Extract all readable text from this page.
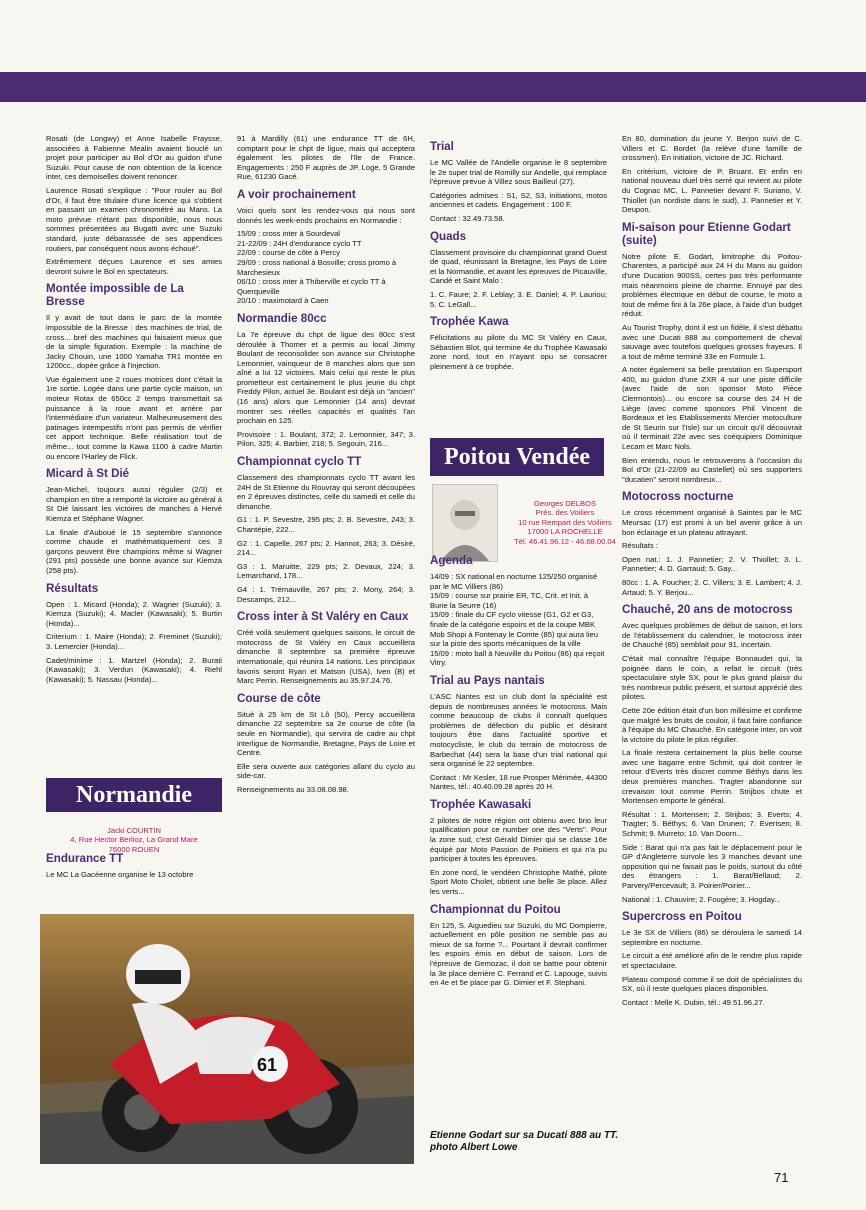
Rosati (de Longwy) et Anne Isabelle Fraysse, associées à Fabienne Mealin avaient bouclé un projet pour participer au Bol d'Or au guidon d'une Suzuki. Pour cause de non obtention de la licence inter, ces demoiselles doivent renoncer.

Laurence Rosati s'explique : "Pour rouler au Bol d'Or, il faut être titulaire d'une licence qui s'obtient en passant un examen chronométré au Mans. La moto prévue n'étant pas disponible, nous nous sommes présentées au Bugatti avec une Suzuki standard, juste débarassée de ses appendices routiers, par conséquent nous avons échoué".

Extrêmement déçues Laurence et ses amies devront suivre le Bol en spectateurs.

Montée impossible de La Bresse

Il y avait de tout dans le parc de la montée impossible de la Bresse : des machines de trial, de cross... bref des machines qui faisaient mieux que de la simple figuration. Exemple : la machine de Jacky Chouin, une 1000 Yamaha TR1 montée en 1200cc., dopée grâce à l'injection.

Vue également une 2 roues motrices dont c'était la 1re sortie. Logée dans une partie cycle maison, un moteur Rotax de 650cc 2 temps transmettait sa puissance à la roue avant et arrière par l'intermédiaire d'un variateur. Malheureusement des patinages intempestifs n'ont pas permis de vérifier cet apport technique. Belle réalisation tout de même... tout comme la Kawa 1100 à cadre Martin ou encore l'Harley de Flick.

Micard à St Dié

Jean-Michel, toujours aussi régulier (2/3) et champion en titre a remporté la victoire au général à St Dié laissant les victoires de manches à Hervé Kiemza et Stéphane Wagner.

La finale d'Auboué le 15 septembre s'annonce comme chaude et mathématiquement ces 3 garçons peuvent être champions même si Wagner (291 pts) possède une bonne avance sur Kiemza (258 pts).

Résultats

Open : 1. Micard (Honda); 2. Wagner (Suzuki); 3. Kiemza (Suzuki); 4. Macler (Kawasaki); 5. Burtin (Honda)...

Criterium : 1. Maire (Honda); 2. Freminet (Suzuki); 3. Lemercier (Honda)...

Cadet/minime : 1. Martzel (Honda); 2. Burati (Kawasaki); 3. Verdun (Kawasaki); 4. Riehl (Kawasaki); 5. Nassau (Honda)...

Normandie
Jacki COURTIN
4, Rue Hector Berlioz, La Grand Mare
76000 ROUEN
Endurance TT

Le MC La Gacéenne organise le 13 octobre

91 à Mardilly (61) une endurance TT de 6H, comptant pour le chpt de ligue, mais qui acceptera également les pilotes de l'Ile de France. Engagements : 250 F auprès de JP. Loge, 5 Grande Rue, 61230 Gacé.

A voir prochainement

Voici quels sont les rendez-vous qui nous sont donnés les week-ends prochains en Normandie :

15/09 : cross inter à Sourdeval
21-22/09 : 24H d'endurance cyclo TT
22/09 : course de côte à Percy
29/09 : cross national à Bosville; cross promo à Marchesieux
06/10 : cross inter à Thiberville et cyclo TT à Querqueville
20/10 : maximotard à Caen
Normandie 80cc

La 7e épreuve du chpt de ligue des 80cc s'est déroulée à Thomer et a permis au local Jimmy Boulant de reconsolider son avance sur Christophe Lemonnier, vainqueur de 8 manches alors que son aîné a lui 12 victoires. Mais celui qui reste le plus prometteur est certainement le plus jeune du chpt Freddy Pilon, actuel 3e. Boulant est déjà un "ancien" (16 ans) alors que Lemonnier (14 ans) devrait montrer ses réelles capacités et qualités l'an prochain en 125.

Provisoire : 1. Boulant, 372; 2. Lemonnier, 347; 3. Pilon, 325; 4. Barbier, 218; 5. Segouin, 216...

Championnat cyclo TT

Classement des championnats cyclo TT avant les 24H de St Etienne du Rouvray qui seront découpées en 2 épreuves distinctes, celle du samedi et celle du dimanche.

G1 : 1. P. Sevestre, 295 pts; 2. B. Sevestre, 243; 3. Chantépie, 222...

G2 : 1. Capelle, 267 pts; 2. Hannot, 263; 3. Désiré, 214...

G3 : 1. Maruitte, 229 pts; 2. Devaux, 224; 3. Lemarchand, 178...

G4 : 1. Trémauville, 267 pts; 2. Mony, 264; 3. Descamps, 212...

Cross inter à St Valéry en Caux

Créé voilà seulement quelques saisons, le circuit de motocross de St Valéry en Caux accueillera dimanche 8 septembre sa première épreuve internationale, qui réunira 14 nations. Les principaux favoris seront Ryan et Matson (USA), Iven (B) et Marc Perrin. Renseignements au 35.97.24.76.

Course de côte

Situé à 25 km de St Lô (50), Percy accueillera dimanche 22 septembre sa 2e course de côte (la seule en Normandie), qui servira de cadre au chpt interligue de Normandie, Bretagne, Pays de Loire et Centre.

Elle sera ouverte aux catégories allant du cyclo au side-car.

Renseignements au 33.08.08.98.

Trial

Le MC Vallée de l'Andelle organise le 8 septembre le 2e super trial de Romilly sur Andelle, qui remplace l'épreuve prévue à Villez sous Bailleul (27).

Catégories admises : S1, S2, S3, initiations, motos anciennes et cadets. Engagement : 100 F.

Contact : 32.49.73.58.

Quads

Classement provisoire du championnat grand Ouest de quad, réunissant la Bretagne, les Pays de Loire et la Normandie, et avant les épreuves de Picauville, Candé et Saint Malo :

1. C. Faure; 2. F. Leblay; 3. E. Daniel; 4. P. Lauriou; 5. C. LeGall...

Trophée Kawa

Félicitations au pilote du MC St Valéry en Caux, Sébastien Blot, qui termine 4e du Trophée Kawasaki zone nord, tout en n'ayant opu se consacrer pleinement à ce trophée.

Poitou Vendée
Georges DELBOS
Prés. des Voiliers
10 rue Rempart des Voiliers
17000 LA ROCHELLE
Tél. 46.41.96.12 - 46.68.00.04
Agenda
14/09 : SX national en nocturne 125/250 organisé par le MC Villiers (86)
15/09 : course sur prairie ER, TC, Crit. et Init. à Burie la Seurre (16)
15/09 : finale du CF cyclo vitesse (G1, G2 et G3, finale de la catégorie espoirs et de la coupe MBK Mob Shopi à Fontenay le Comte (85) qui aura lieu sur la piste des sports mécaniques de la ville
15/09 : moto ball à Neuville du Poitou (86) qui reçoit Vitry.
Trial au Pays nantais

L'ASC Nantes est un club dont la spécialité est depuis de nombreuses années le motocross. Mais comme beaucoup de clubs il connaît quelques problèmes de défection du public et désirant toujours être dans l'actualité sportive et motocycliste, le club du terrain de motocross de Barbechat (44) sera la base d'un trial national qui sera organisé le 22 septembre.

Contact : Mr Kesler, 18 rue Prosper Mérimée, 44300 Nantes, tél.: 40.40.09.28 après 20 H.

Trophée Kawasaki

2 pilotes de notre région ont obtenu avec brio leur qualification pour ce number one des "Verts". Pour la zone sud, c'est Gérald Dimier qui se classe 16e équipé par Moto Passion de Poitiers et qui n'a pu participer à toutes les épreuves.

En zone nord, le vendéen Christophe Mathé, pilote Sport Moto Cholet, obtient une belle 3e place. Allez les verts...

Championnat du Poitou

En 125, S. Aiguedieu sur Suzuki, du MC Dompierre, actuellement en pôle position ne semble pas au mieux de sa forme ?... Pourtant il devrait confirmer les espoirs émis en début de saison. Lors de l'épreuve de Gemozac, il doit se battre pour obtenir la 3e place derrière C. Ferrand et C. Lapouge, suivis en 4e et 5e place par G. Dimier et F. Stephani.

Etienne Godart sur sa Ducati 888 au TT. photo Albert Lowe

En 80, domination du jeune Y. Berjon suivi de C. Villers et C. Bordet (la relève d'une famille de crossmen). En initiation, victoire de JC. Richard.

En critérium, victoire de P. Bruant. Et enfin en national nouveau duel très serré qui revient au pilote du Cognac MC, L. Pannetier devant F. Suriano, V. Thiollet (un nordiste dans le sud), J. Pannetier et Y. Deupon.

Mi-saison pour Etienne Godart (suite)

Notre pilote E. Godart, limitrophe du Poitou-Charentes, a participé aux 24 H du Mans au guidon d'une Ducation 900SS, certes pas très performante mais néanmoins pleine de charme. Ennuyé par des problèmes électrique en début de course, le moto a tout de même fini à la 26e place, à l'aide d'un budget réduit.

Au Tourist Trophy, dont il est un fidèle, il s'est débattu avec une Ducati 888 au comportement de cheval sauvage avec toutefois quelques grosses frayeurs. Il a tout de même terminé 33e en Formule 1.

A noter également sa belle prestation en Supersport 400, au guidon d'une ZXR 4 sur une piste difficile (avec l'aide de son sponsor Moto Pièce Clermontois)... ou encore sa course des 24 H de Liège (avec comme sponsors Phil Vincent de Bordeaux et les Etablissements Mercier motoculture de St Seurin sur l'Isle) sur un circuit qu'il découvrait où il terminait 22e avec ses coéquipiers Dominique Lecam et Marc Nols.

Bien entendu, nous le retrouverons à l'occasion du Bol d'Or (21-22/09 au Castellet) où ses supporters "ducatien" seront nombreux...

Motocross nocturne

Le cross récemment organisé à Saintes par le MC Meursac (17) est promi à un bel avenir grâce à un bon éclairage et un plateau attrayant.

Résultats :

Open nat.: 1. J. Pannetier; 2. V. Thiollet; 3. L. Pannetier; 4. D. Garraud; 5. Gay...

80cc : 1. A. Foucher; 2. C. Villers; 3. E. Lambert; 4. J. Artaud; 5. Y. Berjou...

Chauché, 20 ans de motocross

Avec quelques problèmes de début de saison, et lors de l'établissement du calendrier, le motocross inter de Chauché (85) semblait pour 91, incertain.

C'était mal connaître l'équipe Bonnaudet qui, la poignée dans le coin, a refait le circuit (très spectaculaire style SX, pour le plus grand plaisir du très nombreux public présent, et surtout apprécié des pilotes.

Cette 20e édition était d'un bon millésime et confirme que malgré les bruits de couloir, il faut faire confiance à l'équipe du MC Chauché. En catégorie inter, on voit la victoire du pilote le plus régulier.

La finale restera certainement la plus belle course avec une bagarre entre Schmit, qui doit contrer le retour d'Everts très discret comme Béthys dans les deux premières manches. Tragter abandonne sur crevaison tout comme Perrin. Strijbos chute et Mortensen emporte le général.

Résultat : 1. Mortensen; 2. Strijbos; 3. Everts; 4. Tragter; 5. Béthys; 6. Van Drunen; 7. Evertsen; 8. Schmit; 9. Murreto; 10. Van Doorn...

Side : Barat qui n'a pas fait le déplacement pour le GP d'Angleterre survole les 3 manches devant une opposition qui ne faisait pas le poids, surtout du côté des étrangers : 1. Barat/Bellaud; 2. Parvery/Percevault; 3. Poirier/Poirier...

National : 1. Chauvire; 2. Fougère; 3. Hogday...

Supercross en Poitou

Le 3e SX de Villiers (86) se déroulera le samedi 14 septembre en nocturne.

Le circuit a été amélioré afin de le rendre plus rapide et spectaculaire.

Plateau composé comme il se doit de spécialistes du SX, où il reste quelques places disponibles.

Contact : Melle K. Dubin, tél.: 49.51.96.27.

61
71
